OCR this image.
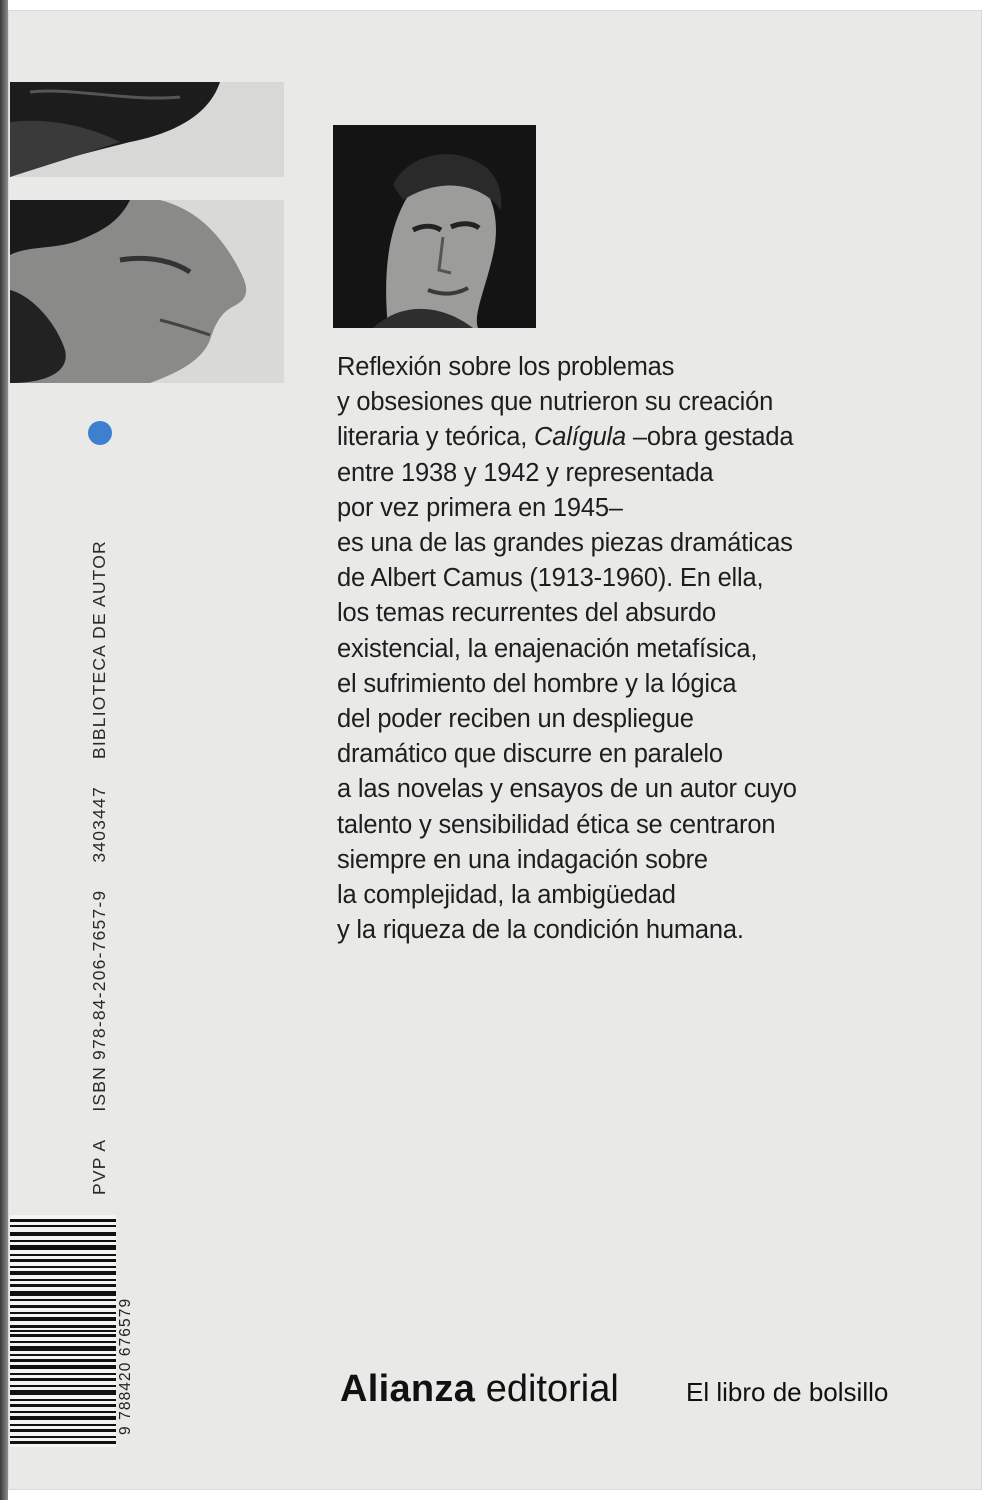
Reflexión sobre los problemas
y obsesiones que nutrieron su creación
literaria y teórica, Calígula –obra gestada
entre 1938 y 1942 y representada
por vez primera en 1945–
es una de las grandes piezas dramáticas
de Albert Camus (1913-1960). En ella,
los temas recurrentes del absurdo
existencial, la enajenación metafísica,
el sufrimiento del hombre y la lógica
del poder reciben un despliegue
dramático que discurre en paralelo
a las novelas y ensayos de un autor cuyo
talento y sensibilidad ética se centraron
siempre en una indagación sobre
la complejidad, la ambigüedad
y la riqueza de la condición humana.
PVP A ISBN 978-84-206-7657-9 3403447 BIBLIOTECA DE AUTOR
9 788420 676579	Alianza editorial	El libro de bolsillo
